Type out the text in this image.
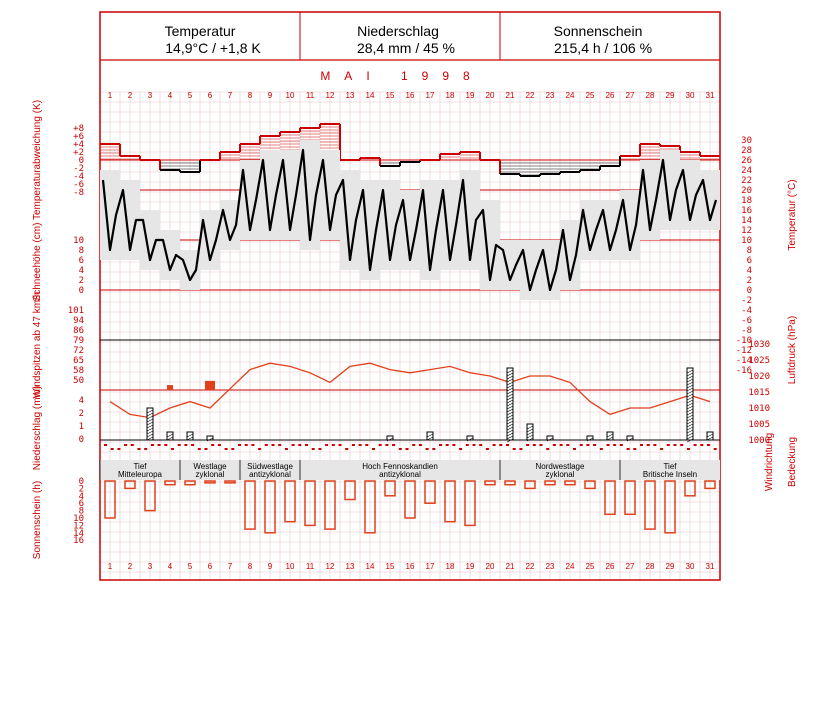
Temperatur
14,9°C / +1,8 K
Niederschlag
28,4 mm / 45 %
Sonnenschein
215,4 h / 106 %
MAI 1998
1 2 3 4 5 6 7 8 9 10 11 12 13 14 15 16 17 18 19 20 21 22 23 24 25 26 27 28 29 30 31
1 2 3 4 5 6 7 8 9 10 11 12 13 14 15 16 17 18 19 20 21 22 23 24 25 26 27 28 29 30 31
Tief
Mitteleuropa
Westlage
zyklonal
Südwestlage
antizyklonal
Hoch Fennoskandien
antizyklonal
Nordwestlage
zyklonal
Tief
Britische Inseln
+8
+6
+4
+2
0
-2
-4
-6
-8
10
8
6
4
2
0
101
94
86
79
72
65
58
50
4
2
1
0
0
2
4
6
8
10
12
14
16
30
28
26
24
22
20
18
16
14
12
10
8
6
4
2
0
-2
-4
-6
-8
-10
-12
-14
-16
1030
1025
1020
1015
1010
1005
1000
Temperaturabweichung (K)
Schneehöhe (cm)
Windspitzen ab 47 km/h
Niederschlag (mm)
Sonnenschein (h)
Temperatur (°C)
Luftdruck (hPa)
Windrichtung Bedeckung
